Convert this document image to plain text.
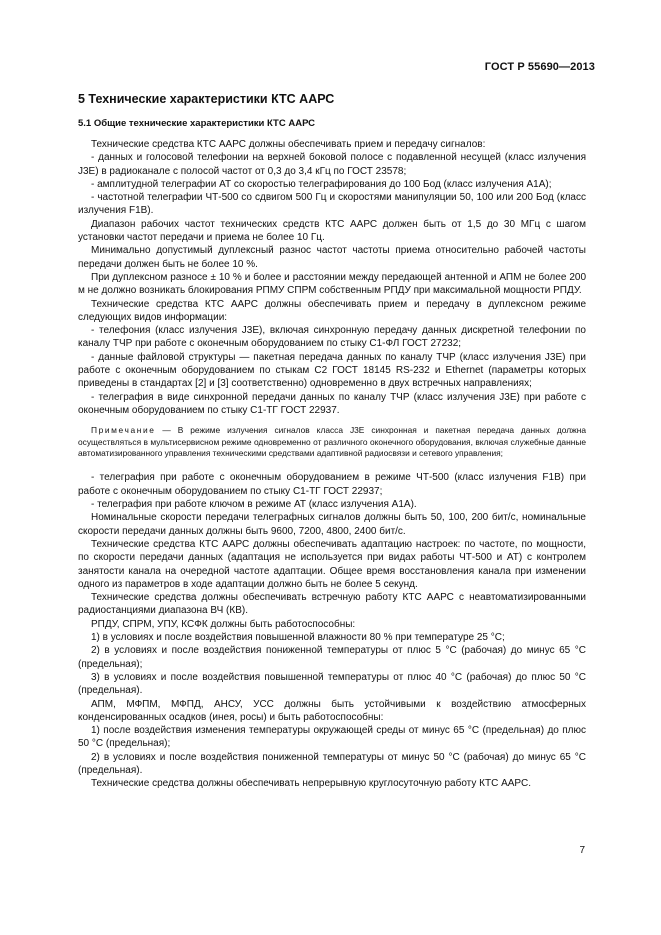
ГОСТ Р 55690—2013
5 Технические характеристики КТС ААРС
5.1 Общие технические характеристики КТС ААРС

Технические средства КТС ААРС должны обеспечивать прием и передачу сигналов:

- данных и голосовой телефонии на верхней боковой полосе с подавленной несущей (класс излучения J3E) в радиоканале с полосой частот от 0,3 до 3,4 кГц по ГОСТ 23578;

- амплитудной телеграфии АТ со скоростью телеграфирования до 100 Бод (класс излучения А1А);

- частотной телеграфии ЧТ-500 со сдвигом 500 Гц и скоростями манипуляции 50, 100 или 200 Бод (класс излучения F1B).

Диапазон рабочих частот технических средств КТС ААРС должен быть от 1,5 до 30 МГц с шагом установки частот передачи и приема не более 10 Гц.

Минимально допустимый дуплексный разнос частот частоты приема относительно рабочей частоты передачи должен быть не более 10 %.

При дуплексном разносе ± 10 % и более и расстоянии между передающей антенной и АПМ не более 200 м не должно возникать блокирования РПМУ СПРМ собственным РПДУ при максимальной мощности РПДУ.

Технические средства КТС ААРС должны обеспечивать прием и передачу в дуплексном режиме следующих видов информации:

- телефония (класс излучения J3E), включая синхронную передачу данных дискретной телефонии по каналу ТЧР при работе с оконечным оборудованием по стыку С1-ФЛ ГОСТ 27232;

- данные файловой структуры — пакетная передача данных по каналу ТЧР (класс излучения J3E) при работе с оконечным оборудованием по стыкам С2 ГОСТ 18145 RS-232 и Ethernet (параметры которых приведены в стандартах [2] и [3] соответственно) одновременно в двух встречных направлениях;

- телеграфия в виде синхронной передачи данных по каналу ТЧР (класс излучения J3E) при работе с оконечным оборудованием по стыку С1-ТГ ГОСТ 22937.

Примечание — В режиме излучения сигналов класса J3E синхронная и пакетная передача данных должна осуществляться в мультисервисном режиме одновременно от различного оконечного оборудования, включая служебные данные автоматизированного управления техническими средствами адаптивной радиосвязи и сетевого управления;

- телеграфия при работе с оконечным оборудованием в режиме ЧТ-500 (класс излучения F1B) при работе с оконечным оборудованием по стыку С1-ТГ ГОСТ 22937;

- телеграфия при работе ключом в режиме АТ (класс излучения А1А).

Номинальные скорости передачи телеграфных сигналов должны быть 50, 100, 200 бит/с, номинальные скорости передачи данных должны быть 9600, 7200, 4800, 2400 бит/с.

Технические средства КТС ААРС должны обеспечивать адаптацию настроек: по частоте, по мощности, по скорости передачи данных (адаптация не используется при видах работы ЧТ-500 и АТ) с контролем занятости канала на очередной частоте адаптации. Общее время восстановления канала при изменении одного из параметров в ходе адаптации должно быть не более 5 секунд.

Технические средства должны обеспечивать встречную работу КТС ААРС с неавтоматизированными радиостанциями диапазона ВЧ (КВ).

РПДУ, СПРМ, УПУ, КСФК должны быть работоспособны:

1) в условиях и после воздействия повышенной влажности 80 % при температуре 25 °С;

2) в условиях и после воздействия пониженной температуры от плюс 5 °С (рабочая) до минус 65 °С (предельная);

3) в условиях и после воздействия повышенной температуры от плюс 40 °С (рабочая) до плюс 50 °С (предельная).

АПМ, МФПМ, МФПД, АНСУ, УСС должны быть устойчивыми к воздействию атмосферных конденсированных осадков (инея, росы) и быть работоспособны:

1) после воздействия изменения температуры окружающей среды от минус 65 °С (предельная) до плюс 50 °С (предельная);

2) в условиях и после воздействия пониженной температуры от минус 50 °С (рабочая) до минус 65 °С (предельная).

Технические средства должны обеспечивать непрерывную круглосуточную работу КТС ААРС.

7
